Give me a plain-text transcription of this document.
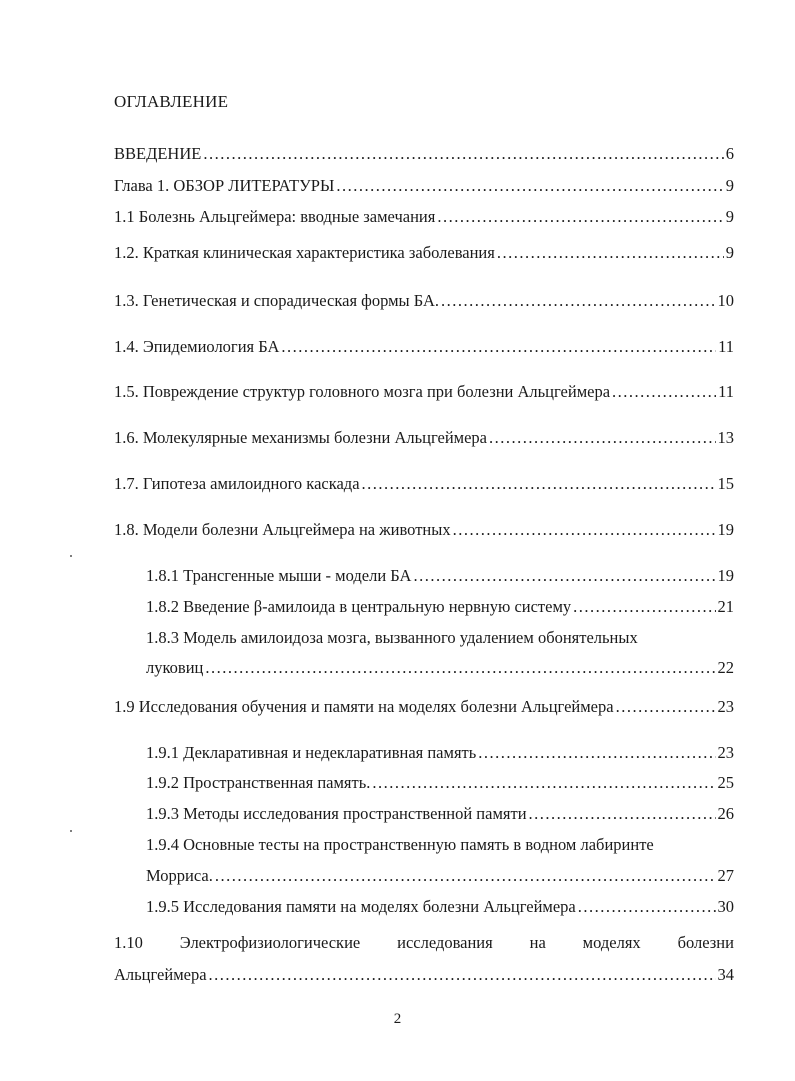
ОГЛАВЛЕНИЕ
ВВЕДЕНИЕ .....	6
Глава 1. ОБЗОР ЛИТЕРАТУРЫ .....	9
1.1 Болезнь Альцгеймера: вводные замечания .....	9
1.2. Краткая клиническая характеристика заболевания .....	9
1.3. Генетическая и спорадическая формы БА. .....	10
1.4. Эпидемиология БА .....	11
1.5. Повреждение структур головного мозга при болезни Альцгеймера .....	11
1.6. Молекулярные механизмы болезни Альцгеймера .....	13
1.7. Гипотеза амилоидного каскада .....	15
1.8. Модели болезни Альцгеймера на животных .....	19
1.8.1 Трансгенные мыши - модели БА .....	19
1.8.2 Введение β-амилоида в центральную нервную систему .....	21
1.8.3 Модель амилоидоза мозга, вызванного удалением обонятельных
луковиц .....	22
1.9 Исследования обучения и памяти на моделях болезни Альцгеймера .....	23
1.9.1 Декларативная и недекларативная память .....	23
1.9.2 Пространственная память. .....	25
1.9.3 Методы исследования пространственной памяти .....	26
1.9.4 Основные тесты на пространственную память в водном лабиринте
Морриса. .....	27
1.9.5 Исследования памяти на моделях болезни Альцгеймера .....	30
1.10 Электрофизиологические исследования на моделях болезни
Альцгеймера .....	34
2
